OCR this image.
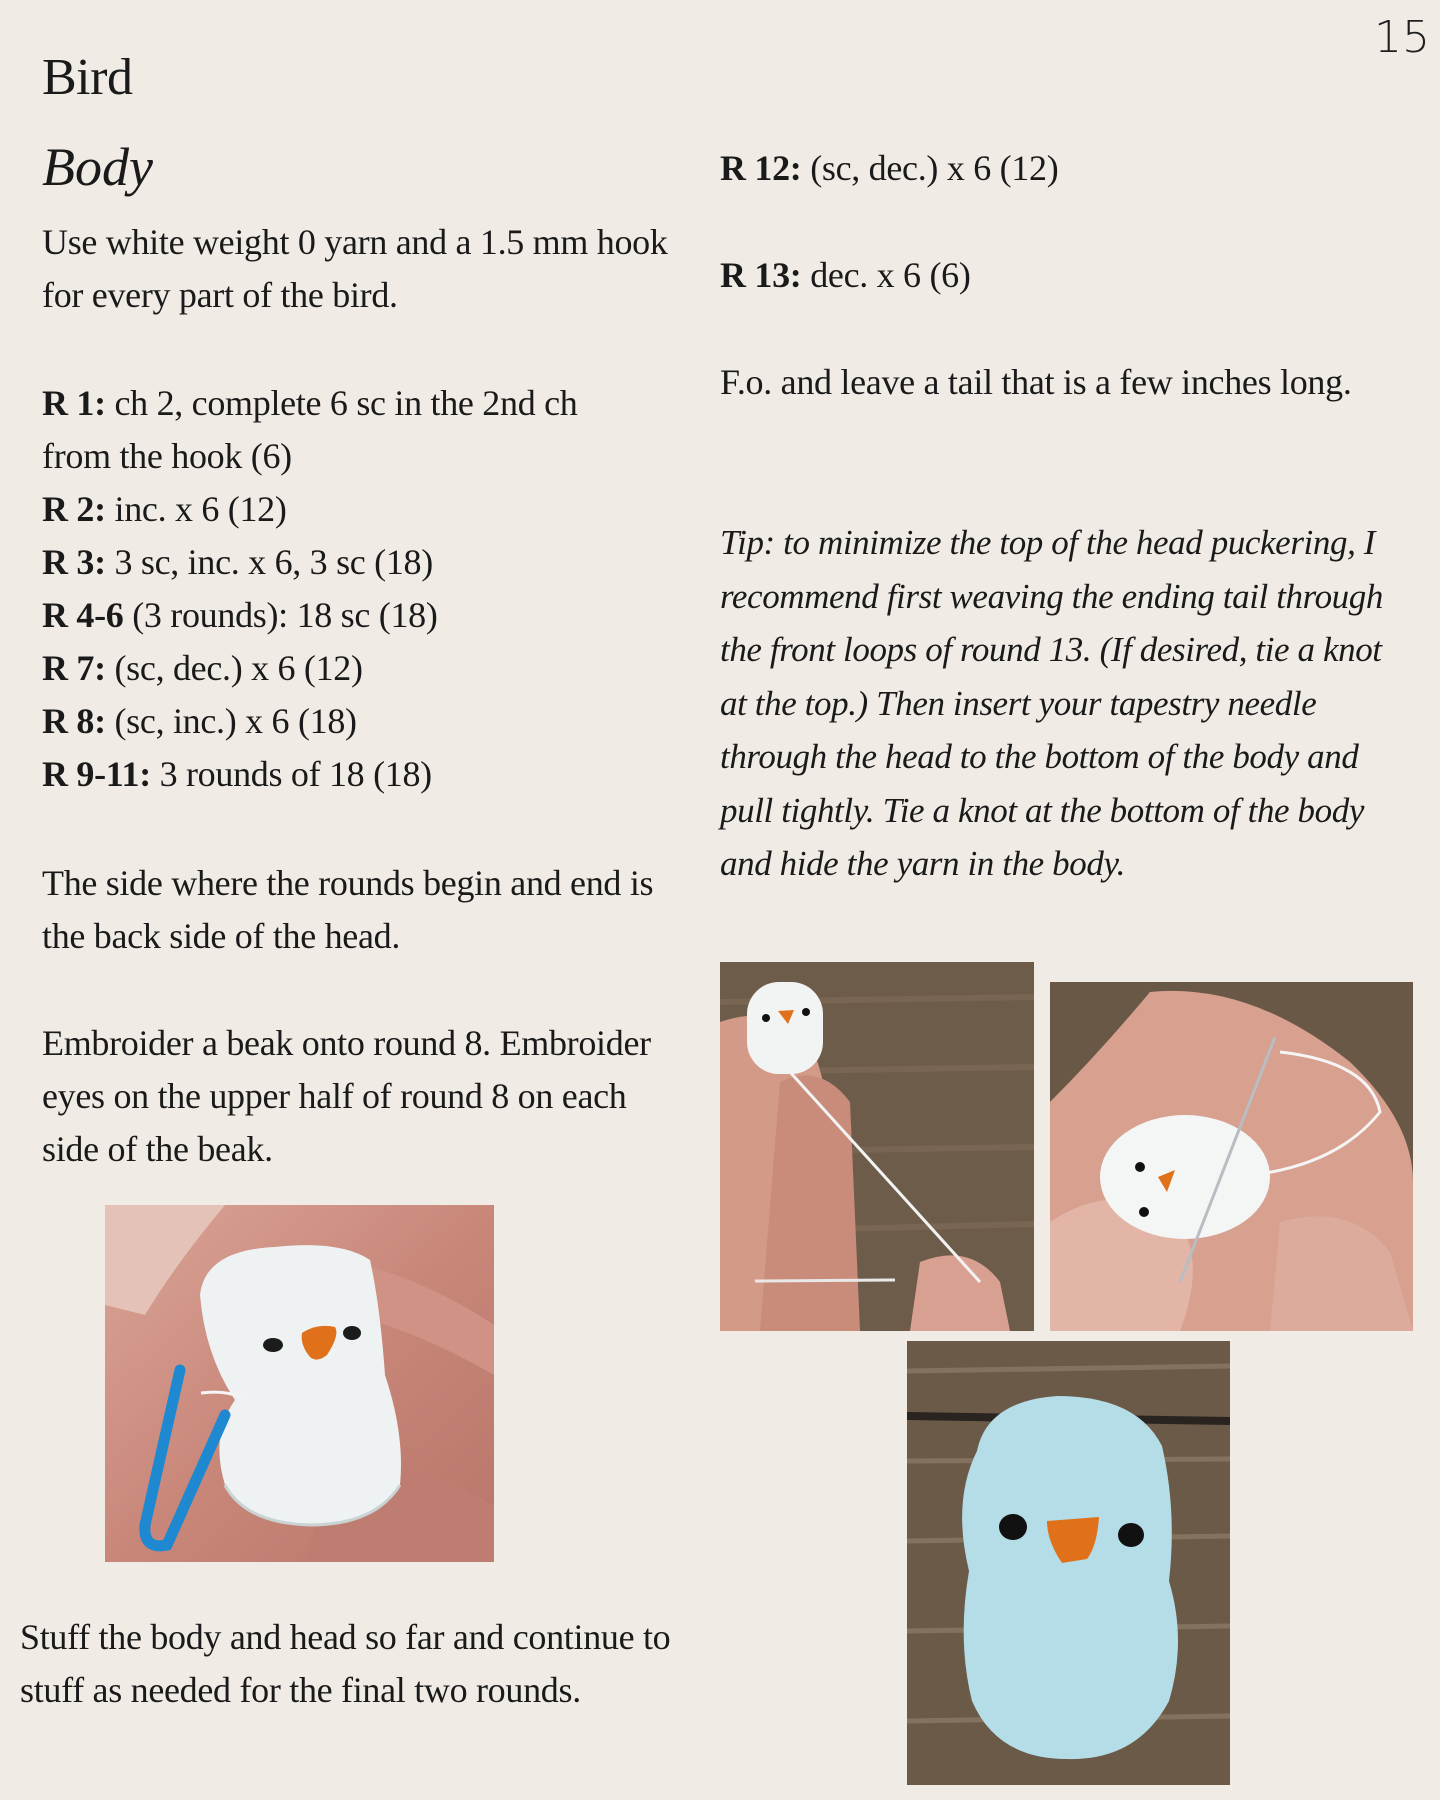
15
Bird
Body
Use white weight 0 yarn and a 1.5 mm hook for every part of the bird.
R 1: ch 2, complete 6 sc in the 2nd ch
from the hook (6)
R 2: inc. x 6 (12)
R 3: 3 sc, inc. x 6, 3 sc (18)
R 4-6 (3 rounds): 18 sc (18)
R 7: (sc, dec.) x 6 (12)
R 8: (sc, inc.) x 6 (18)
R 9-11: 3 rounds of 18 (18)
The side where the rounds begin and end is the back side of the head.
Embroider a beak onto round 8. Embroider eyes on the upper half of round 8 on each side of the beak.
Stuff the body and head so far and continue to stuff as needed for the final two rounds.
R 12: (sc, dec.) x 6 (12)
R 13: dec. x 6 (6)
F.o. and leave a tail that is a few inches long.
Tip: to minimize the top of the head puckering, I recommend first weaving the ending tail through the front loops of round 13. (If desired, tie a knot at the top.) Then insert your tapestry needle through the head to the bottom of the body and pull tightly. Tie a knot at the bottom of the body and hide the yarn in the body.
